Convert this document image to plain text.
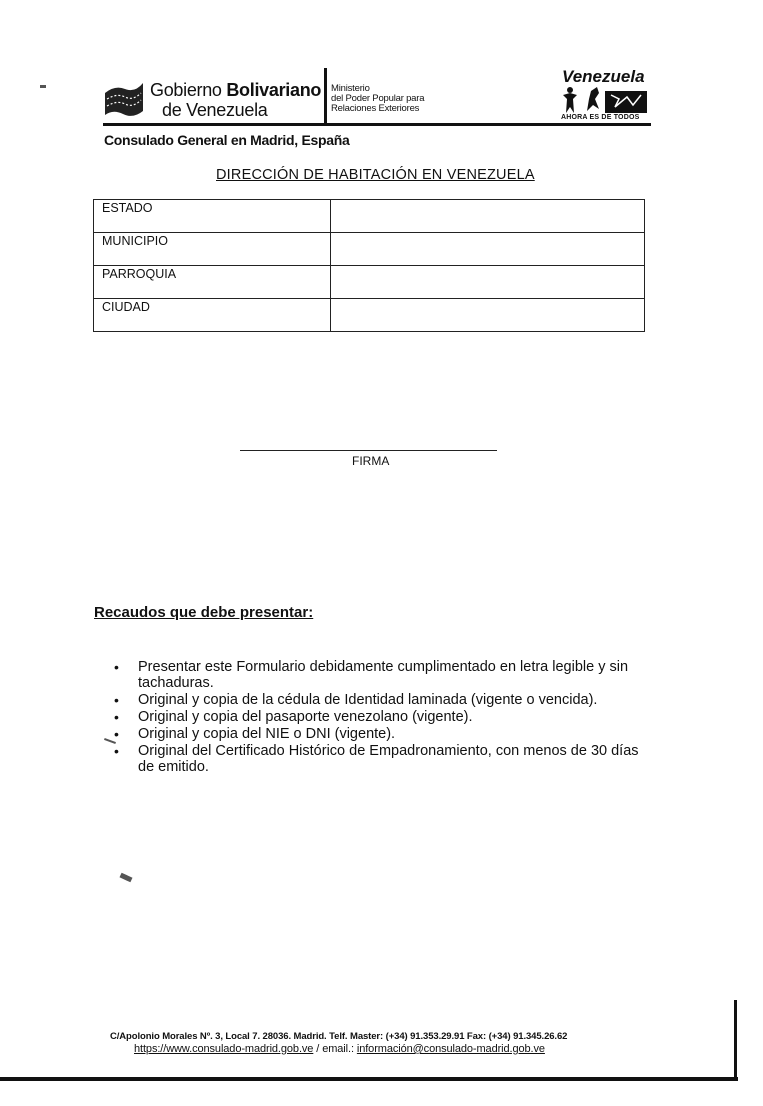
Gobierno Bolivariano
de Venezuela
Ministerio
del Poder Popular para
Relaciones Exteriores
Venezuela
AHORA ES DE TODOS
Consulado General en Madrid, España
DIRECCIÓN DE HABITACIÓN EN VENEZUELA
ESTADO	
MUNICIPIO	
PARROQUIA	
CIUDAD	
FIRMA
Recaudos que debe presentar:
• Presentar este Formulario debidamente cumplimentado en letra legible y sin tachaduras.
• Original y copia de la cédula de Identidad laminada (vigente o vencida).
• Original y copia del pasaporte venezolano (vigente).
• Original y copia del NIE o DNI (vigente).
• Original del Certificado Histórico de Empadronamiento, con menos de 30 días de emitido.
C/Apolonio Morales Nº. 3, Local 7. 28036. Madrid. Telf. Master: (+34) 91.353.29.91 Fax: (+34) 91.345.26.62
https://www.consulado-madrid.gob.ve / email.: información@consulado-madrid.gob.ve
